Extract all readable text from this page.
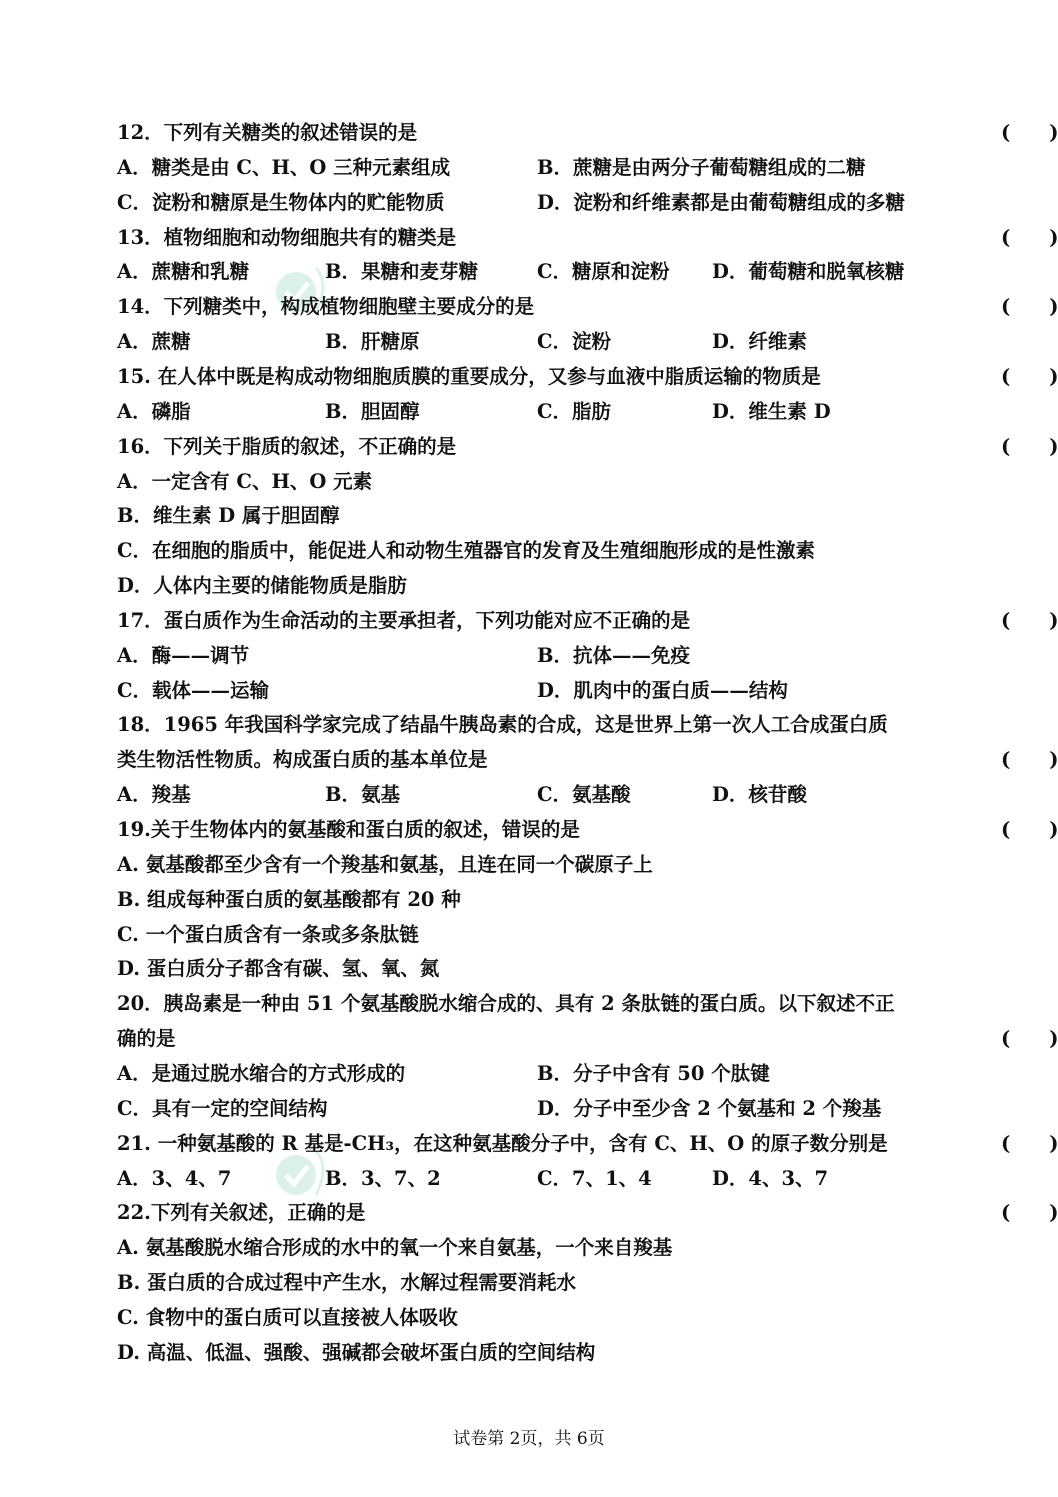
12．下列有关糖类的叙述错误的是	(　　)
A．糖类是由 C、H、O 三种元素组成	B．蔗糖是由两分子葡萄糖组成的二糖
C．淀粉和糖原是生物体内的贮能物质	D．淀粉和纤维素都是由葡萄糖组成的多糖
13．植物细胞和动物细胞共有的糖类是	(　　)
A．蔗糖和乳糖	B．果糖和麦芽糖	C．糖原和淀粉 D．葡萄糖和脱氧核糖
14．下列糖类中，构成植物细胞壁主要成分的是	(　　)
A．蔗糖	B．肝糖原	C．淀粉	D．纤维素
15. 在人体中既是构成动物细胞质膜的重要成分，又参与血液中脂质运输的物质是	(　　)
A．磷脂	B．胆固醇	C．脂肪	D．维生素 D
16．下列关于脂质的叙述，不正确的是	(　　)
A．一定含有 C、H、O 元素
B．维生素 D 属于胆固醇
C．在细胞的脂质中，能促进人和动物生殖器官的发育及生殖细胞形成的是性激素
D．人体内主要的储能物质是脂肪
17．蛋白质作为生命活动的主要承担者，下列功能对应不正确的是	(　　)
A．酶——调节	B．抗体——免疫
C．载体——运输	D．肌肉中的蛋白质——结构
18．1965 年我国科学家完成了结晶牛胰岛素的合成，这是世界上第一次人工合成蛋白质
类生物活性物质。构成蛋白质的基本单位是	(　　)
A．羧基	B．氨基	C．氨基酸	D．核苷酸
19.关于生物体内的氨基酸和蛋白质的叙述，错误的是	(　　)
A. 氨基酸都至少含有一个羧基和氨基，且连在同一个碳原子上
B. 组成每种蛋白质的氨基酸都有 20 种
C. 一个蛋白质含有一条或多条肽链
D. 蛋白质分子都含有碳、氢、氧、氮
20．胰岛素是一种由 51 个氨基酸脱水缩合成的、具有 2 条肽链的蛋白质。以下叙述不正
确的是	(　　)
A．是通过脱水缩合的方式形成的	B．分子中含有 50 个肽键
C．具有一定的空间结构	D．分子中至少含 2 个氨基和 2 个羧基
21. 一种氨基酸的 R 基是-CH₃，在这种氨基酸分子中，含有 C、H、O 的原子数分别是	(　　)
A．3、4、7	B．3、7、2	C．7、1、4	D．4、3、7
22.下列有关叙述，正确的是	(　　)
A. 氨基酸脱水缩合形成的水中的氧一个来自氨基，一个来自羧基
B. 蛋白质的合成过程中产生水，水解过程需要消耗水
C. 食物中的蛋白质可以直接被人体吸收
D. 高温、低温、强酸、强碱都会破坏蛋白质的空间结构
试卷第 2页，共 6页
